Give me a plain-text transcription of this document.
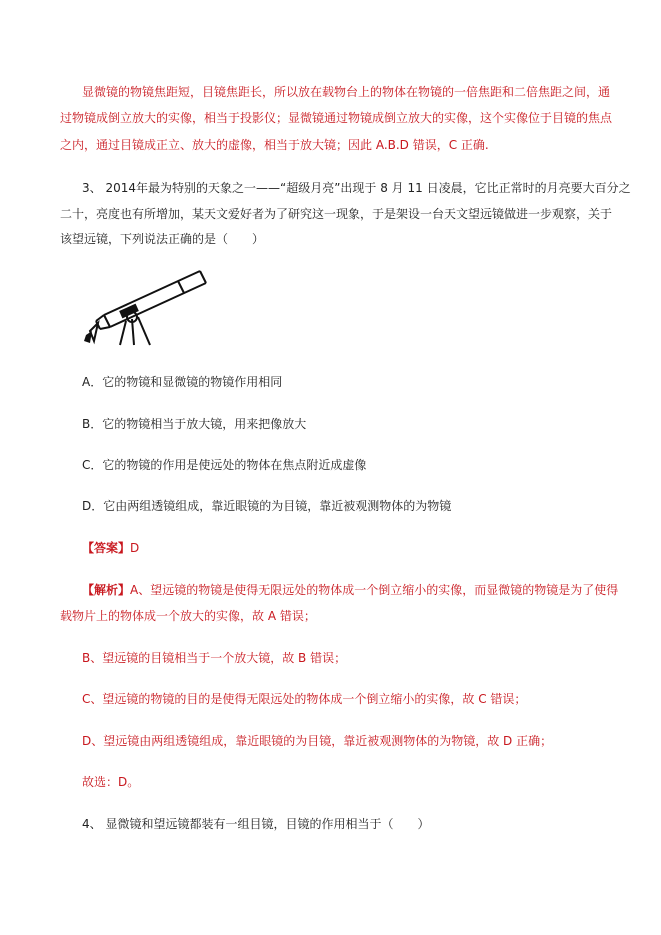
显微镜的物镜焦距短，目镜焦距长，所以放在载物台上的物体在物镜的一倍焦距和二倍焦距之间，通
过物镜成倒立放大的实像，相当于投影仪；显微镜通过物镜成倒立放大的实像，这个实像位于目镜的焦点
之内，通过目镜成正立、放大的虚像，相当于放大镜；因此 A.B.D 错误，C 正确.
3、 2014年最为特别的天象之一——“超级月亮”出现于 8 月 11 日凌晨，它比正常时的月亮要大百分之
二十，亮度也有所增加，某天文爱好者为了研究这一现象，于是架设一台天文望远镜做进一步观察，关于
该望远镜，下列说法正确的是（　　）
A．它的物镜和显微镜的物镜作用相同
B．它的物镜相当于放大镜，用来把像放大
C．它的物镜的作用是使远处的物体在焦点附近成虚像
D．它由两组透镜组成，靠近眼镜的为目镜，靠近被观测物体的为物镜
【答案】D
【解析】A、望远镜的物镜是使得无限远处的物体成一个倒立缩小的实像，而显微镜的物镜是为了使得
载物片上的物体成一个放大的实像，故 A 错误；
B、望远镜的目镜相当于一个放大镜，故 B 错误；
C、望远镜的物镜的目的是使得无限远处的物体成一个倒立缩小的实像，故 C 错误；
D、望远镜由两组透镜组成，靠近眼镜的为目镜，靠近被观测物体的为物镜，故 D 正确；
故选：D。
4、 显微镜和望远镜都装有一组目镜，目镜的作用相当于（　　）
